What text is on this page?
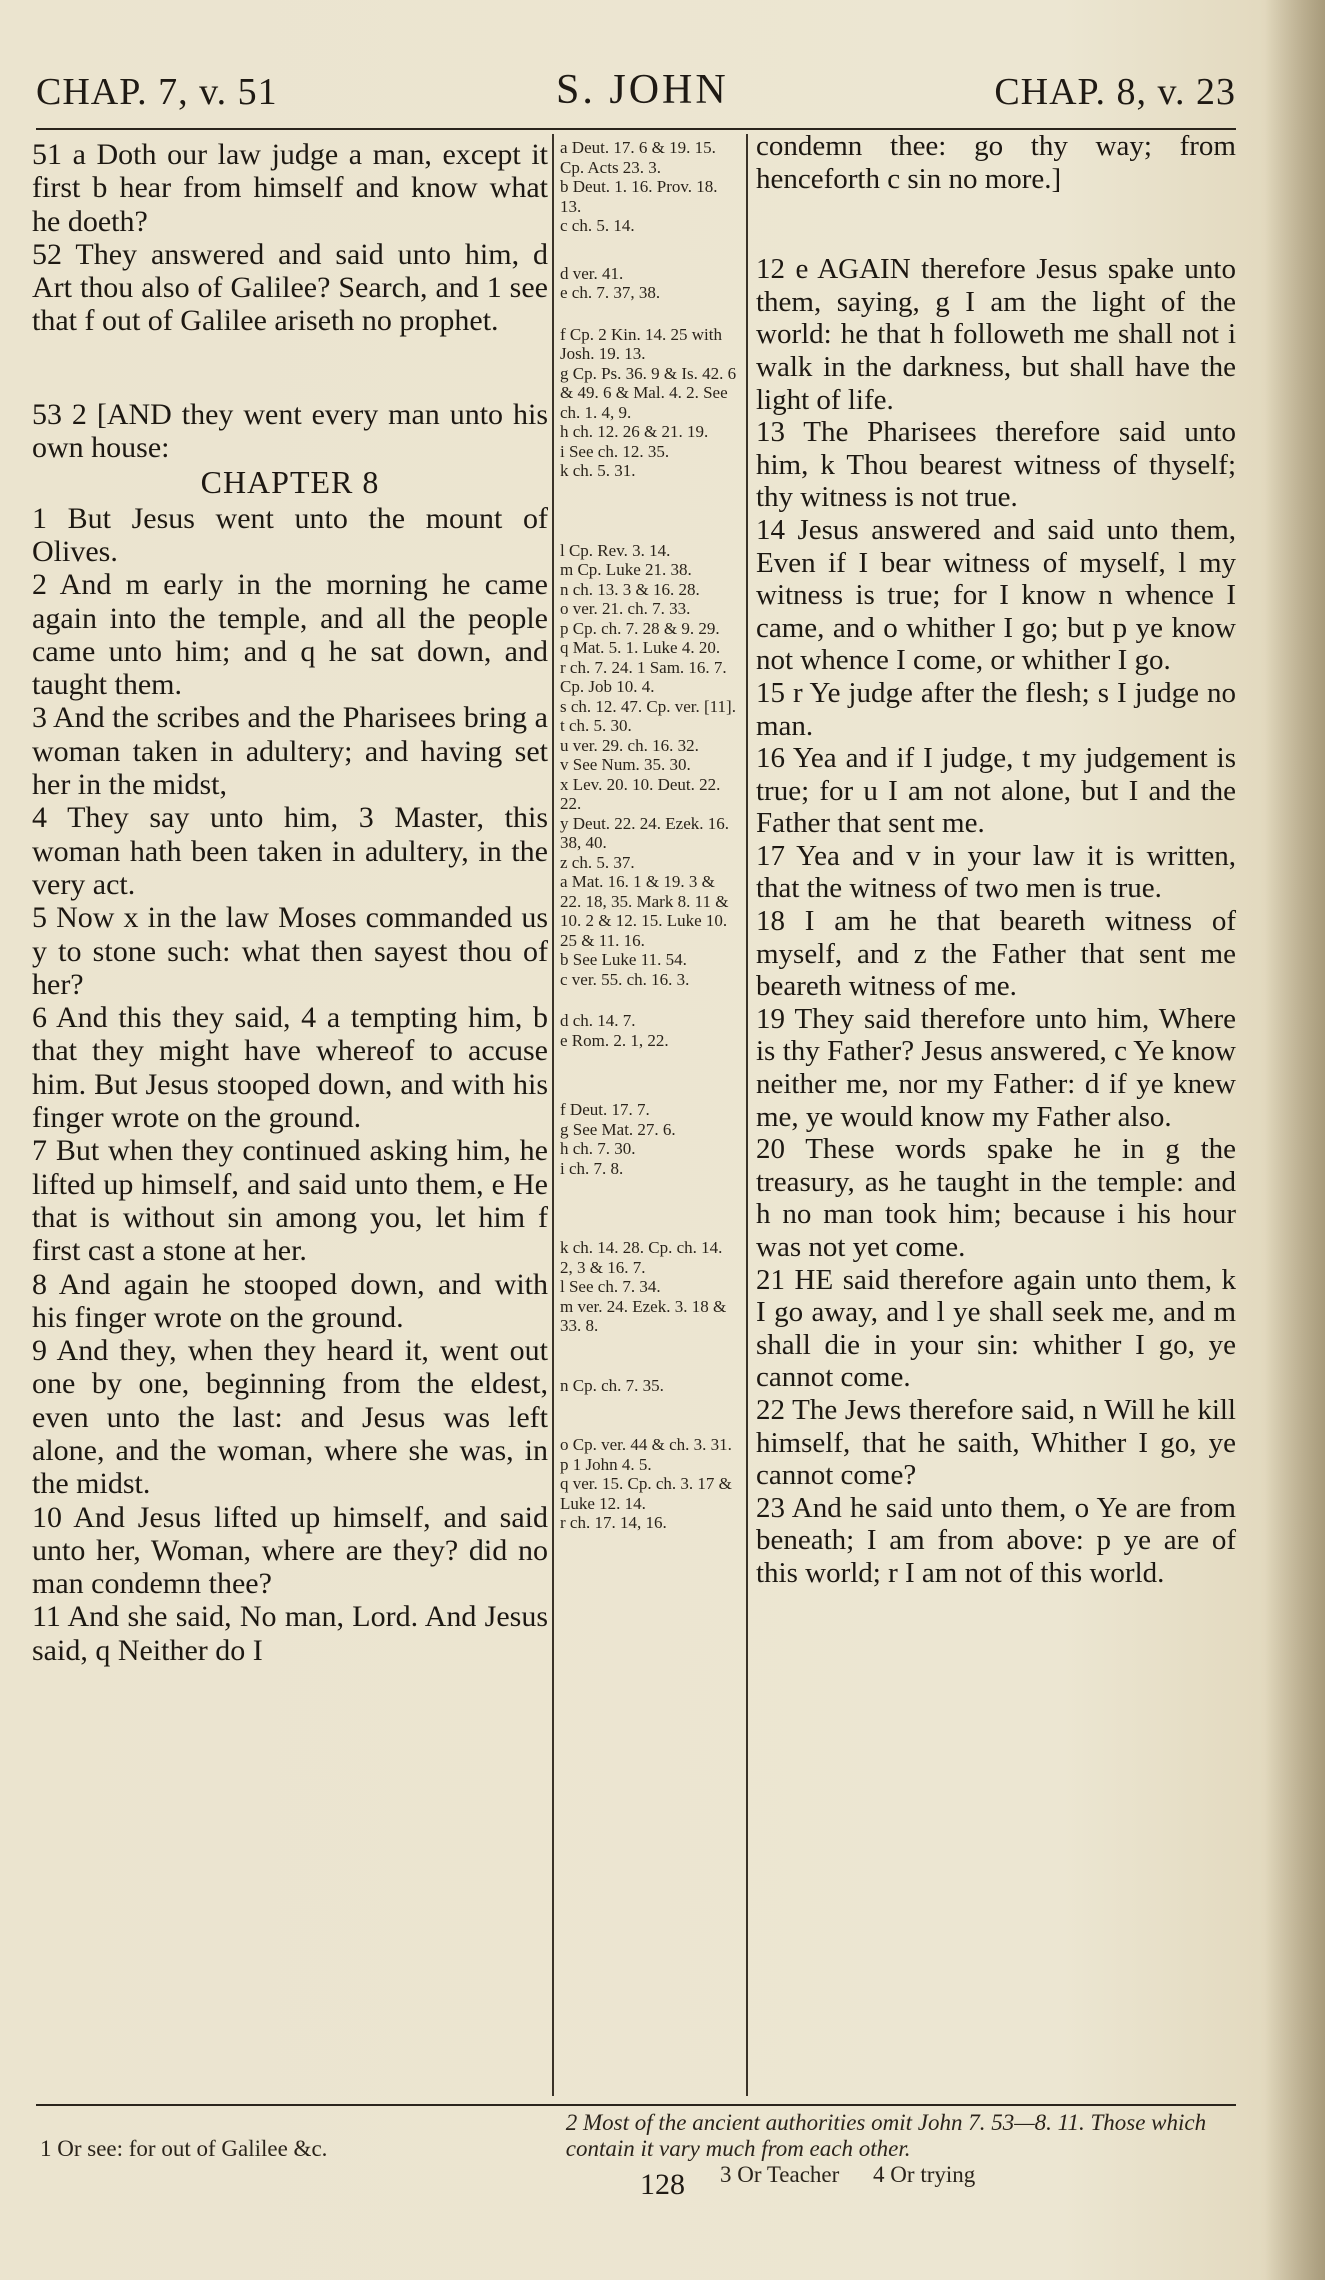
CHAP. 7, v. 51	S. JOHN	CHAP. 8, v. 23

51 a Doth our law judge a man, except it first b hear from himself and know what he doeth?

52 They answered and said unto him, d Art thou also of Galilee? Search, and 1 see that f out of Galilee ariseth no prophet.

53 2 [AND they went every man unto his own house:

CHAPTER 8

1 But Jesus went unto the mount of Olives.

2 And m early in the morning he came again into the temple, and all the people came unto him; and q he sat down, and taught them.

3 And the scribes and the Pharisees bring a woman taken in adultery; and having set her in the midst,

4 They say unto him, 3 Master, this woman hath been taken in adultery, in the very act.

5 Now x in the law Moses commanded us y to stone such: what then sayest thou of her?

6 And this they said, 4 a tempting him, b that they might have whereof to accuse him. But Jesus stooped down, and with his finger wrote on the ground.

7 But when they continued asking him, he lifted up himself, and said unto them, e He that is without sin among you, let him f first cast a stone at her.

8 And again he stooped down, and with his finger wrote on the ground.

9 And they, when they heard it, went out one by one, beginning from the eldest, even unto the last: and Jesus was left alone, and the woman, where she was, in the midst.

10 And Jesus lifted up himself, and said unto her, Woman, where are they? did no man condemn thee?

11 And she said, No man, Lord. And Jesus said, q Neither do I

a Deut. 17. 6 & 19. 15. Cp. Acts 23. 3.
b Deut. 1. 16. Prov. 18. 13.
c ch. 5. 14.
d ver. 41.
e ch. 7. 37, 38.
f Cp. 2 Kin. 14. 25 with Josh. 19. 13.
g Cp. Ps. 36. 9 & Is. 42. 6 & 49. 6 & Mal. 4. 2. See ch. 1. 4, 9.
h ch. 12. 26 & 21. 19.
i See ch. 12. 35.
k ch. 5. 31.
l Cp. Rev. 3. 14.
m Cp. Luke 21. 38.
n ch. 13. 3 & 16. 28.
o ver. 21. ch. 7. 33.
p Cp. ch. 7. 28 & 9. 29.
q Mat. 5. 1. Luke 4. 20.
r ch. 7. 24. 1 Sam. 16. 7. Cp. Job 10. 4.
s ch. 12. 47. Cp. ver. [11].
t ch. 5. 30.
u ver. 29. ch. 16. 32.
v See Num. 35. 30.
x Lev. 20. 10. Deut. 22. 22.
y Deut. 22. 24. Ezek. 16. 38, 40.
z ch. 5. 37.
a Mat. 16. 1 & 19. 3 & 22. 18, 35. Mark 8. 11 & 10. 2 & 12. 15. Luke 10. 25 & 11. 16.
b See Luke 11. 54.
c ver. 55. ch. 16. 3.
d ch. 14. 7.
e Rom. 2. 1, 22.
f Deut. 17. 7.
g See Mat. 27. 6.
h ch. 7. 30.
i ch. 7. 8.
k ch. 14. 28. Cp. ch. 14. 2, 3 & 16. 7.
l See ch. 7. 34.
m ver. 24. Ezek. 3. 18 & 33. 8.
n Cp. ch. 7. 35.
o Cp. ver. 44 & ch. 3. 31.
p 1 John 4. 5.
q ver. 15. Cp. ch. 3. 17 & Luke 12. 14.
r ch. 17. 14, 16.

condemn thee: go thy way; from henceforth c sin no more.]

12 e AGAIN therefore Jesus spake unto them, saying, g I am the light of the world: he that h followeth me shall not i walk in the darkness, but shall have the light of life.

13 The Pharisees therefore said unto him, k Thou bearest witness of thyself; thy witness is not true.

14 Jesus answered and said unto them, Even if I bear witness of myself, l my witness is true; for I know n whence I came, and o whither I go; but p ye know not whence I come, or whither I go.

15 r Ye judge after the flesh; s I judge no man.

16 Yea and if I judge, t my judgement is true; for u I am not alone, but I and the Father that sent me.

17 Yea and v in your law it is written, that the witness of two men is true.

18 I am he that beareth witness of myself, and z the Father that sent me beareth witness of me.

19 They said therefore unto him, Where is thy Father? Jesus answered, c Ye know neither me, nor my Father: d if ye knew me, ye would know my Father also.

20 These words spake he in g the treasury, as he taught in the temple: and h no man took him; because i his hour was not yet come.

21 HE said therefore again unto them, k I go away, and l ye shall seek me, and m shall die in your sin: whither I go, ye cannot come.

22 The Jews therefore said, n Will he kill himself, that he saith, Whither I go, ye cannot come?

23 And he said unto them, o Ye are from beneath; I am from above: p ye are of this world; r I am not of this world.

1 Or see: for out of Galilee &c. 2 Most of the ancient authorities omit John 7. 53—8. 11. Those which contain it vary much from each other.
3 Or Teacher 4 Or trying
128
